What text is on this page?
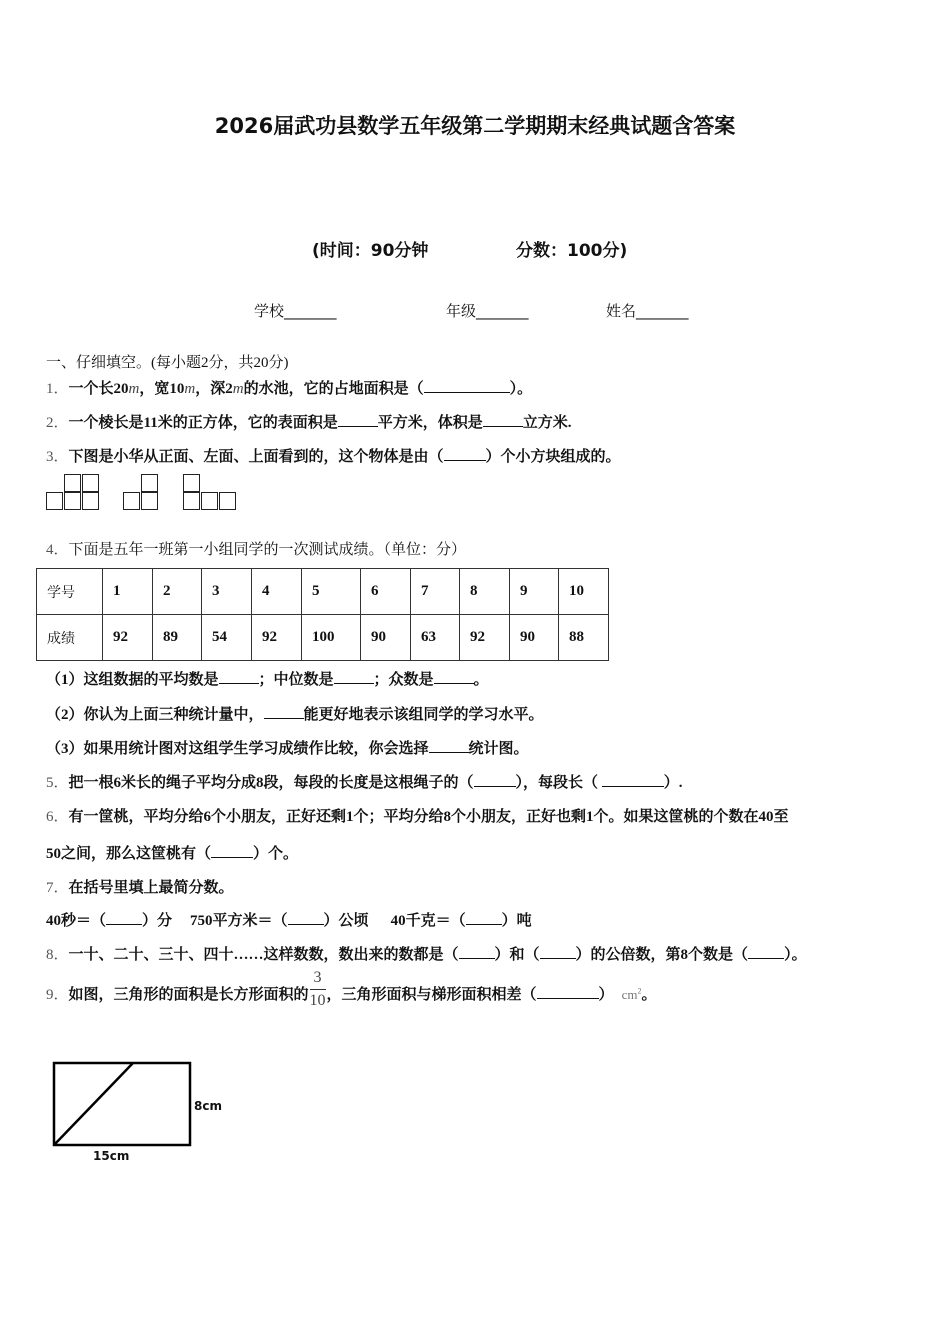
2026届武功县数学五年级第二学期期末经典试题含答案
(时间：90分钟	分数：100分)
学校_______	年级_______	姓名_______
一、仔细填空。(每小题2分，共20分)
1．一个长20m，宽10m，深2m的水池，它的占地面积是（	）。
2．一个棱长是11米的正方体，它的表面积是	平方米，体积是	立方米.
3．下图是小华从正面、左面、上面看到的，这个物体是由（	）个小方块组成的。
4．下面是五年一班第一小组同学的一次测试成绩。（单位：分）
学号	1	2	3	4	5	6	7	8	9	10
成绩	92	89	54	92	100	90	63	92	90	88
（1）这组数据的平均数是	；中位数是	；众数是	。
（2）你认为上面三种统计量中，	能更好地表示该组同学的学习水平。
（3）如果用统计图对这组学生学习成绩作比较，你会选择	统计图。
5．把一根6米长的绳子平均分成8段，每段的长度是这根绳子的（	），每段长（	）.
6．有一筐桃，平均分给6个小朋友，正好还剩1个；平均分给8个小朋友，正好也剩1个。如果这筐桃的个数在40至
50之间，那么这筐桃有（	）个。
7．在括号里填上最简分数。
40秒＝（ ）分 750平方米＝（ ）公顷 40千克＝（ ）吨
8．一十、二十、三十、四十……这样数数，数出来的数都是（ ）和（ ）的公倍数，第8个数是（ ）。
9．如图，三角形的面积是长方形面积的 $\frac{3}{10}$ ，三角形面积与梯形面积相差（	） $cm^2$。
8cm
15cm
